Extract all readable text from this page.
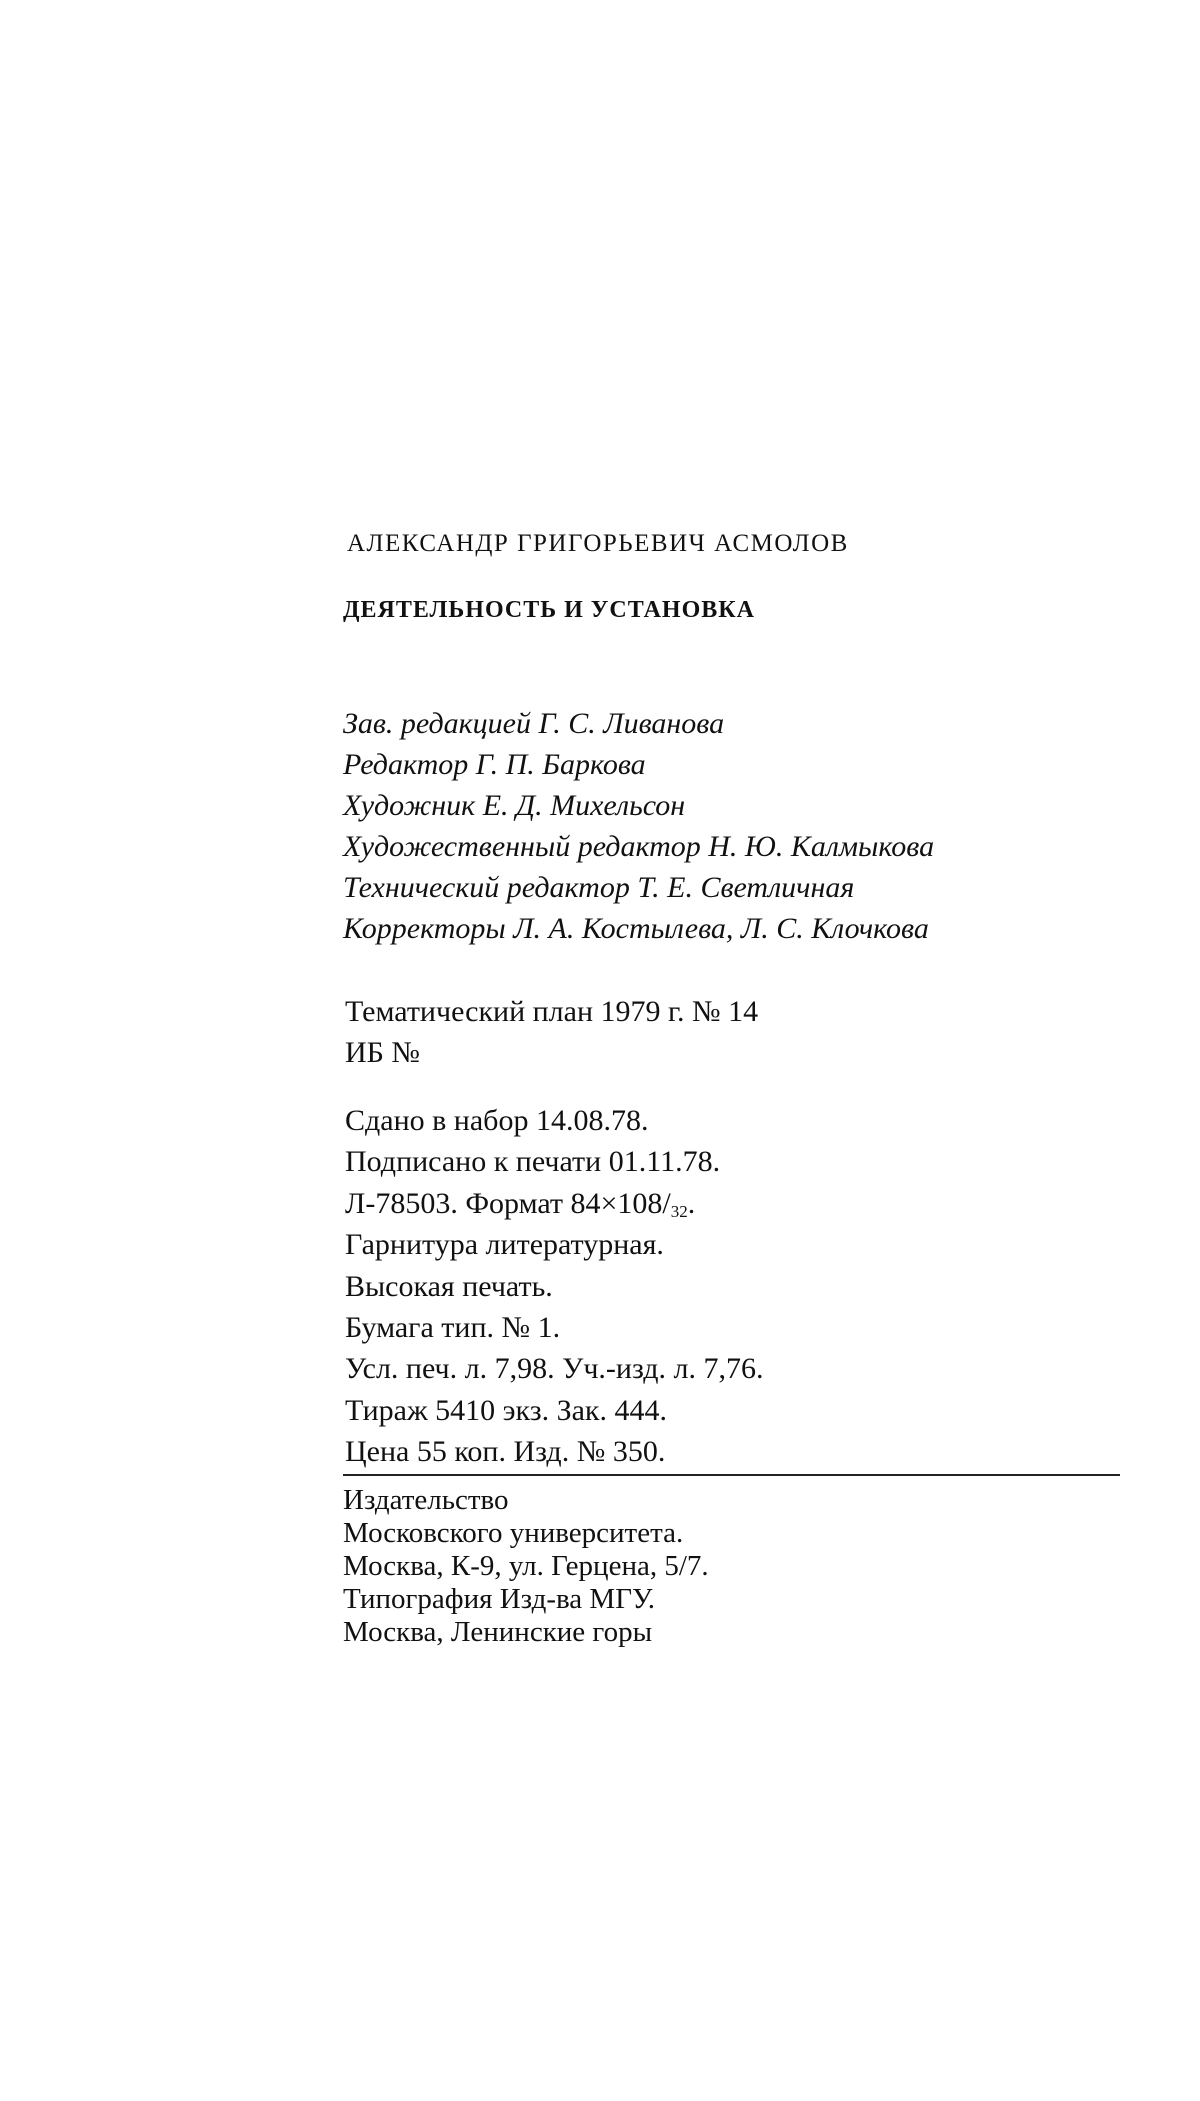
АЛЕКСАНДР ГРИГОРЬЕВИЧ АСМОЛОВ
ДЕЯТЕЛЬНОСТЬ И УСТАНОВКА
Зав. редакцией Г. С. Ливанова
Редактор Г. П. Баркова
Художник Е. Д. Михельсон
Художественный редактор Н. Ю. Калмыкова
Технический редактор Т. Е. Светличная
Корректоры Л. А. Костылева, Л. С. Клочкова
Тематический план 1979 г. № 14
ИБ №
Сдано в набор 14.08.78.
Подписано к печати 01.11.78.
Л-78503. Формат 84×108/32.
Гарнитура литературная.
Высокая печать.
Бумага тип. № 1.
Усл. печ. л. 7,98. Уч.-изд. л. 7,76.
Тираж 5410 экз. Зак. 444.
Цена 55 коп. Изд. № 350.
Издательство
Московского университета.
Москва, К-9, ул. Герцена, 5/7.
Типография Изд-ва МГУ.
Москва, Ленинские горы
